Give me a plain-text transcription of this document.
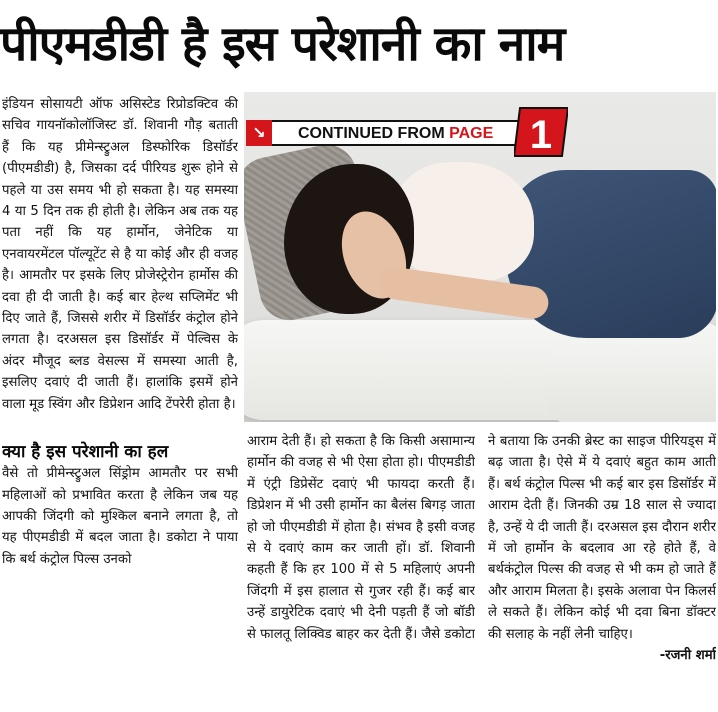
पीएमडीडी है इस परेशानी का नाम

इंडियन सोसायटी ऑफ असिस्टेड रिप्रोडक्टिव की सचिव गायनॉकोलॉजिस्ट डॉ. शिवानी गौड़ बताती हैं कि यह प्रीमेन्स्ट्रुअल डिस्फोरिक डिसॉर्डर (पीएमडीडी) है, जिसका दर्द पीरियड शुरू होने से पहले या उस समय भी हो सकता है। यह समस्या 4 या 5 दिन तक ही होती है। लेकिन अब तक यह पता नहीं कि यह हार्मोन, जेनेटिक या एनवायरमेंटल पॉल्यूटेंट से है या कोई और ही वजह है। आमतौर पर इसके लिए प्रोजेस्ट्रेरोन हार्मोस की दवा ही दी जाती है। कई बार हेल्थ सप्लिमेंट भी दिए जाते हैं, जिससे शरीर में डिसॉर्डर कंट्रोल होने लगता है। दरअसल इस डिसॉर्डर में पेल्विस के अंदर मौजूद ब्लड वेसल्स में समस्या आती है, इसलिए दवाएं दी जाती हैं। हालांकि इसमें होने वाला मूड स्विंग और डिप्रेशन आदि टेंपरेरी होता है।

क्या है इस परेशानी का हल

वैसे तो प्रीमेन्स्ट्रुअल सिंड्रोम आमतौर पर सभी महिलाओं को प्रभावित करता है लेकिन जब यह आपकी जिंदगी को मुश्किल बनाने लगता है, तो यह पीएमडीडी में बदल जाता है। डकोटा ने पाया कि बर्थ कंट्रोल पिल्स उनको

↘	CONTINUED FROM PAGE 1

आराम देती हैं। हो सकता है कि किसी असामान्य हार्मोन की वजह से भी ऐसा होता हो। पीएमडीडी में एंट्री डिप्रेसेंट दवाएं भी फायदा करती हैं। डिप्रेशन में भी उसी हार्मोन का बैलंस बिगड़ जाता हो जो पीएमडीडी में होता है। संभव है इसी वजह से ये दवाएं काम कर जाती हों। डॉ. शिवानी कहती हैं कि हर 100 में से 5 महिलाएं अपनी जिंदगी में इस हालात से गुजर रही हैं। कई बार उन्हें डायुरेटिक दवाएं भी देनी पड़ती हैं जो बॉडी से फालतू लिक्विड बाहर कर देती हैं। जैसे डकोटा

ने बताया कि उनकी ब्रेस्ट का साइज पीरियड्स में बढ़ जाता है। ऐसे में ये दवाएं बहुत काम आती हैं। बर्थ कंट्रोल पिल्स भी कई बार इस डिसॉर्डर में आराम देती हैं। जिनकी उम्र 18 साल से ज्यादा है, उन्हें ये दी जाती हैं। दरअसल इस दौरान शरीर में जो हार्मोन के बदलाव आ रहे होते हैं, वे बर्थकंट्रोल पिल्स की वजह से भी कम हो जाते हैं और आराम मिलता है। इसके अलावा पेन किलर्स ले सकते हैं। लेकिन कोई भी दवा बिना डॉक्टर की सलाह के नहीं लेनी चाहिए।

-रजनी शर्मा
